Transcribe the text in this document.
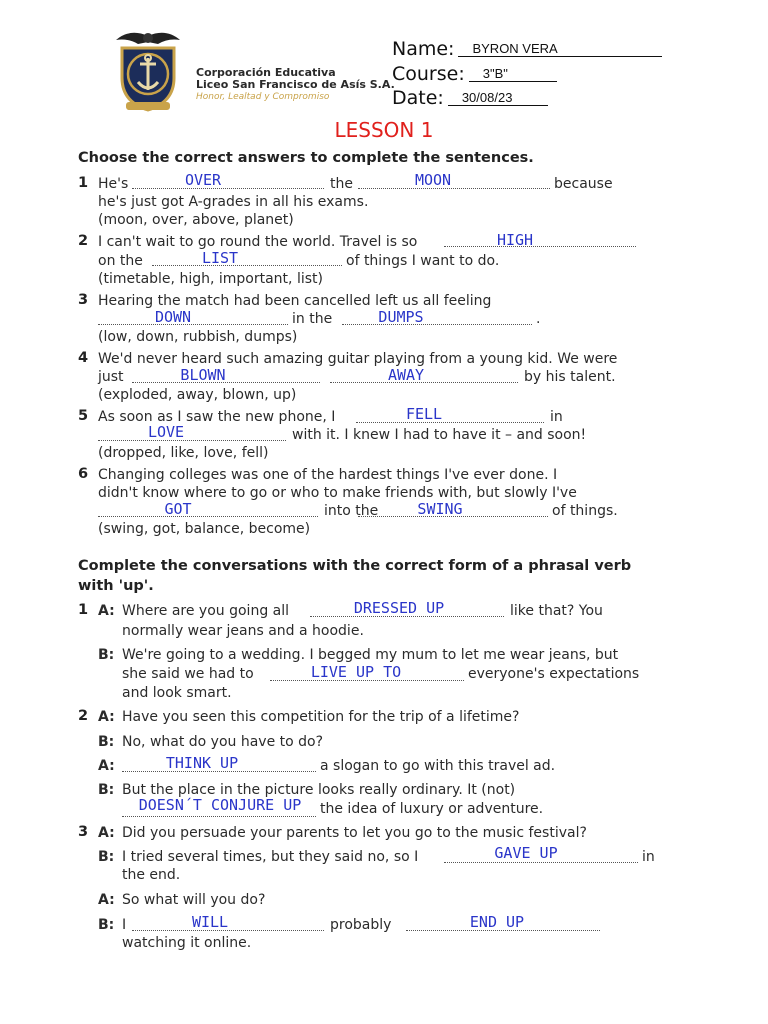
Corporación Educativa
Liceo San Francisco de Asís S.A.
Honor, Lealtad y Compromiso
Name: BYRON VERA
Course: 3"B"
Date: 30/08/23
LESSON 1
Choose the correct answers to complete the sentences.
1 He's	OVER	the	MOON	because
he's just got A-grades in all his exams.
(moon, over, above, planet)
2 I can't wait to go round the world. Travel is so	HIGH
on the	LIST	of things I want to do.
(timetable, high, important, list)
3 Hearing the match had been cancelled left us all feeling
DOWN	in the	DUMPS	.
(low, down, rubbish, dumps)
4 We'd never heard such amazing guitar playing from a young kid. We were
just	BLOWN	AWAY	by his talent.
(exploded, away, blown, up)
5 As soon as I saw the new phone, I	FELL	in
LOVE	with it. I knew I had to have it – and soon!
(dropped, like, love, fell)
6 Changing colleges was one of the hardest things I've ever done. I
didn't know where to go or who to make friends with, but slowly I've
GOT	into the	SWING	of things.
(swing, got, balance, become)
Complete the conversations with the correct form of a phrasal verb
with 'up'.
1 A: Where are you going all	DRESSED UP	like that? You
normally wear jeans and a hoodie.
B: We're going to a wedding. I begged my mum to let me wear jeans, but
she said we had to	LIVE UP TO	everyone's expectations
and look smart.
2 A: Have you seen this competition for the trip of a lifetime?
B: No, what do you have to do?
A:	THINK UP	a slogan to go with this travel ad.
B: But the place in the picture looks really ordinary. It (not)
DOESN´T CONJURE UP	the idea of luxury or adventure.
3 A: Did you persuade your parents to let you go to the music festival?
B: I tried several times, but they said no, so I	GAVE UP	in
the end.
A: So what will you do?
B: I	WILL	probably	END UP
watching it online.
